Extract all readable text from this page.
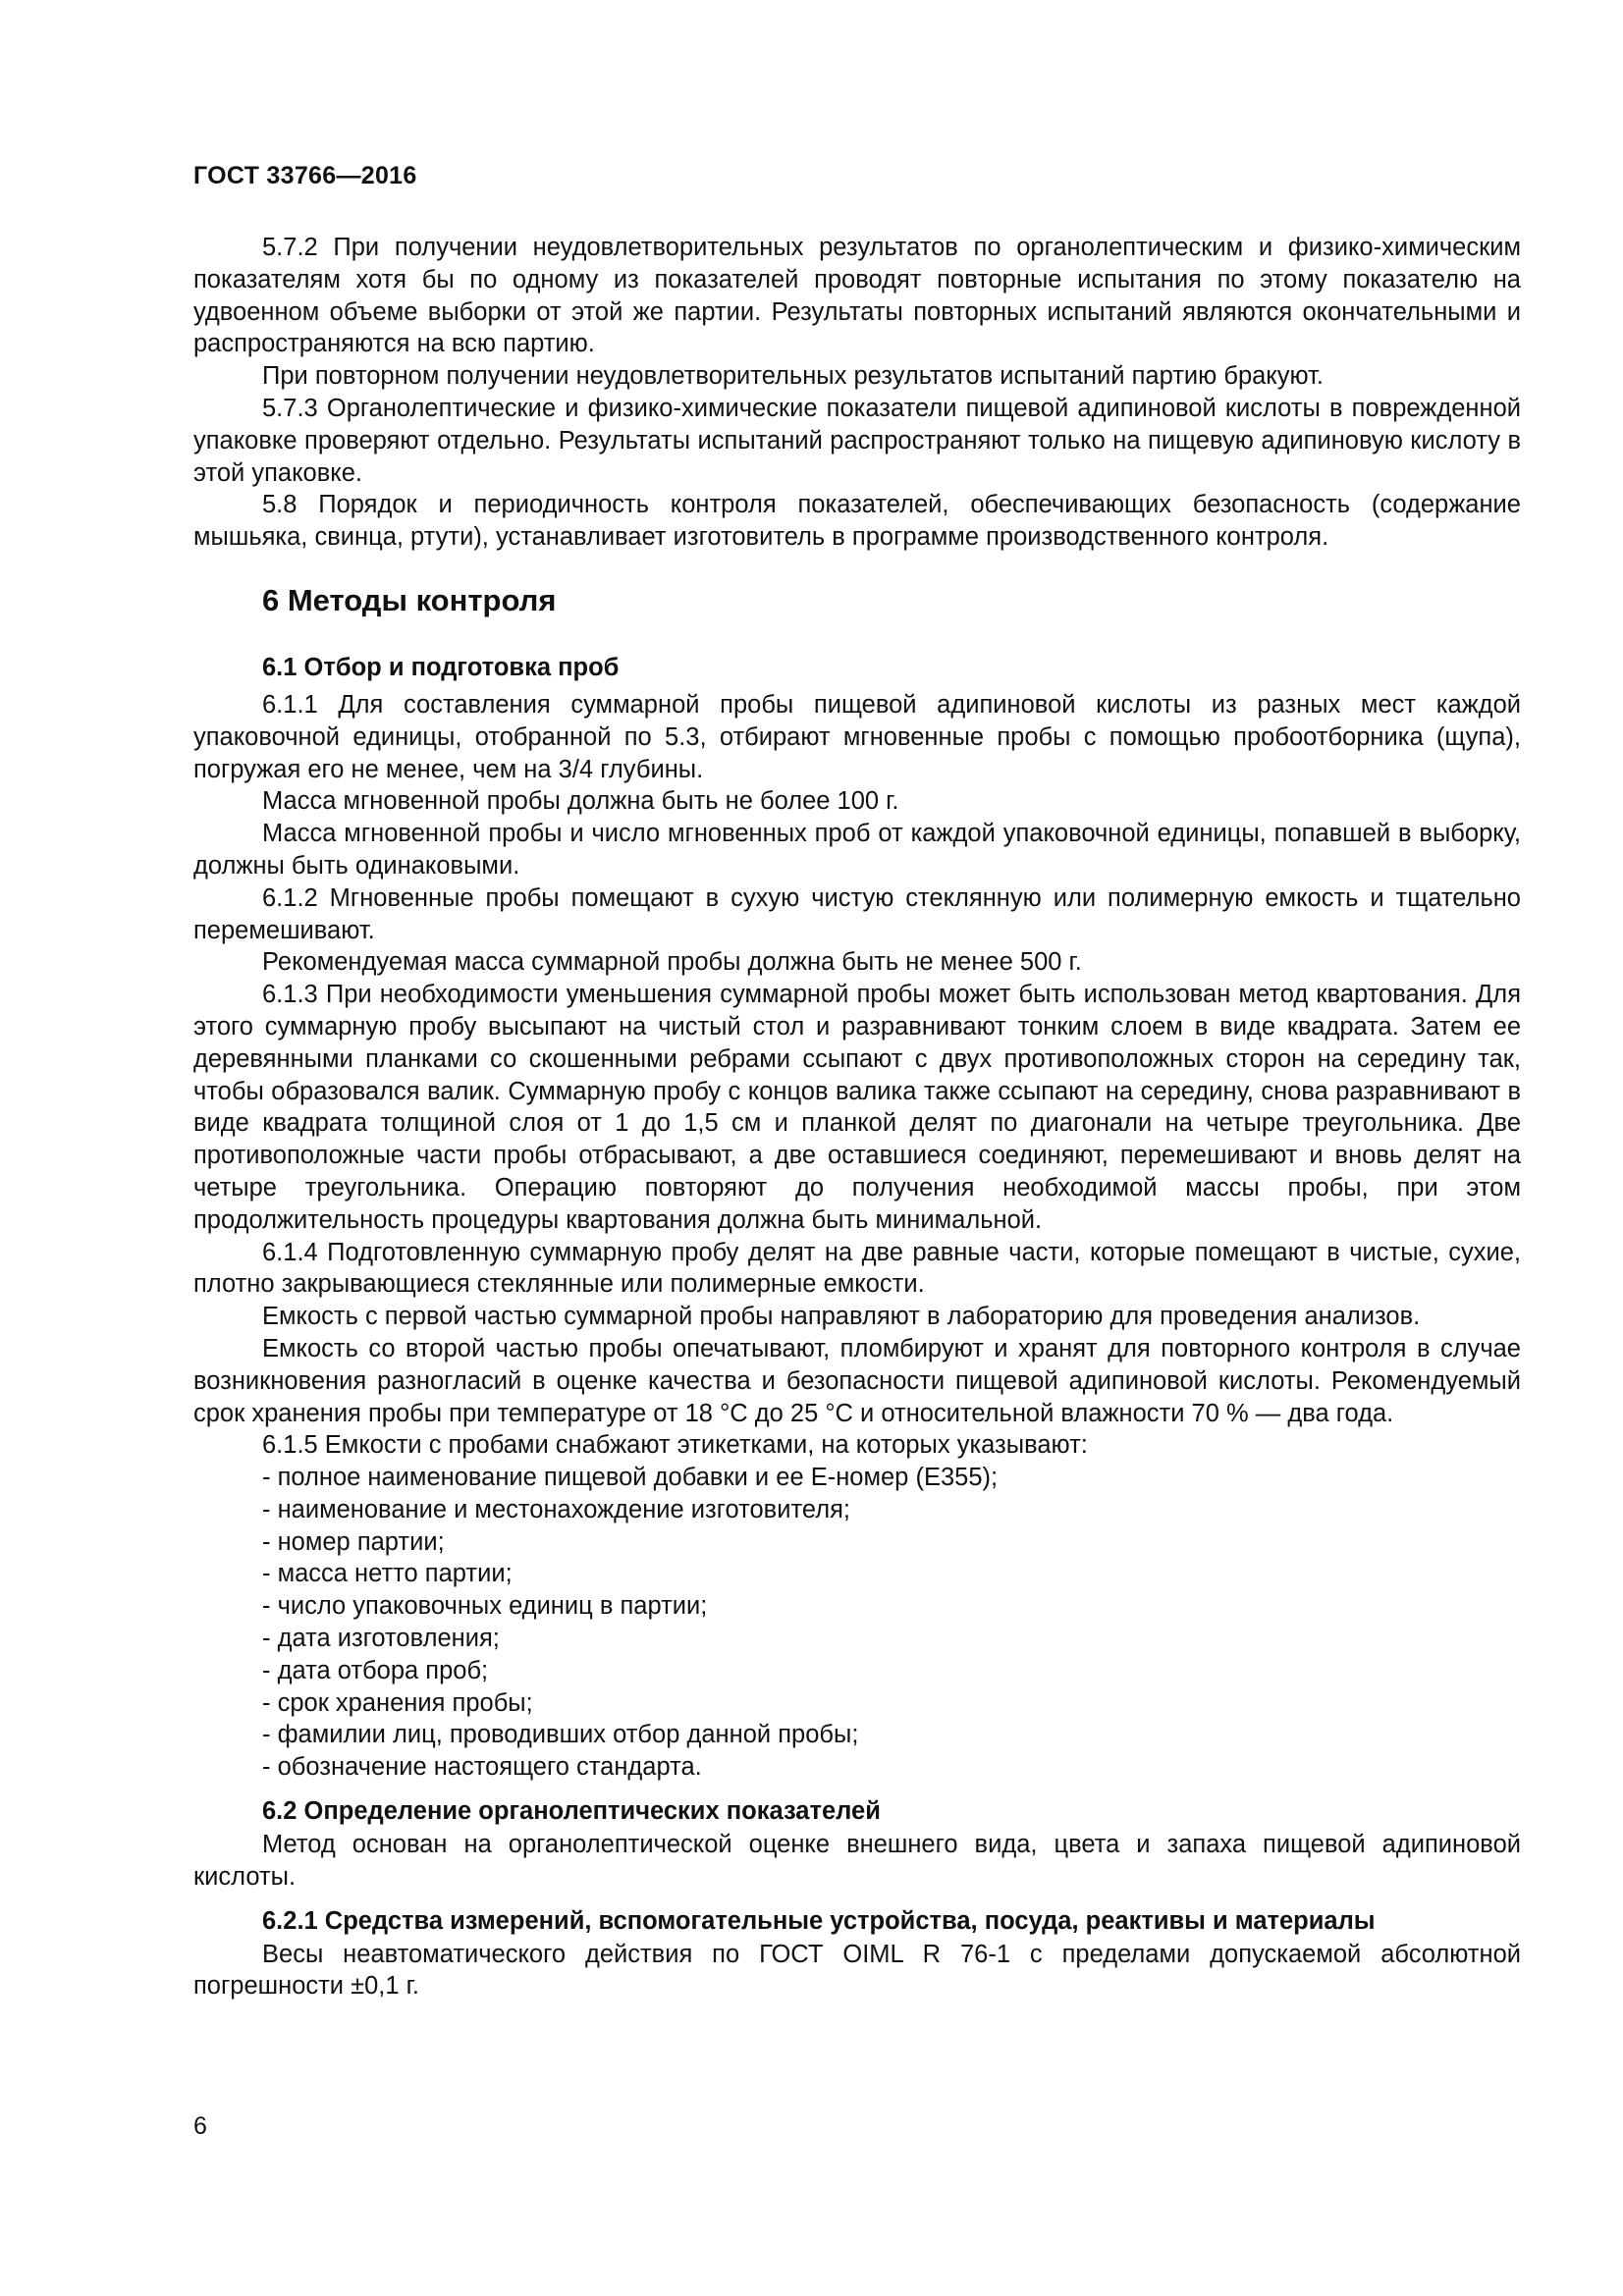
ГОСТ 33766—2016

5.7.2 При получении неудовлетворительных результатов по органолептическим и физико-химическим показателям хотя бы по одному из показателей проводят повторные испытания по этому показателю на удвоенном объеме выборки от этой же партии. Результаты повторных испытаний являются окончательными и распространяются на всю партию.

При повторном получении неудовлетворительных результатов испытаний партию бракуют.

5.7.3 Органолептические и физико-химические показатели пищевой адипиновой кислоты в поврежденной упаковке проверяют отдельно. Результаты испытаний распространяют только на пищевую адипиновую кислоту в этой упаковке.

5.8 Порядок и периодичность контроля показателей, обеспечивающих безопасность (содержание мышьяка, свинца, ртути), устанавливает изготовитель в программе производственного контроля.

6 Методы контроля
6.1 Отбор и подготовка проб

6.1.1 Для составления суммарной пробы пищевой адипиновой кислоты из разных мест каждой упаковочной единицы, отобранной по 5.3, отбирают мгновенные пробы с помощью пробоотборника (щупа), погружая его не менее, чем на 3/4 глубины.

Масса мгновенной пробы должна быть не более 100 г.

Масса мгновенной пробы и число мгновенных проб от каждой упаковочной единицы, попавшей в выборку, должны быть одинаковыми.

6.1.2 Мгновенные пробы помещают в сухую чистую стеклянную или полимерную емкость и тщательно перемешивают.

Рекомендуемая масса суммарной пробы должна быть не менее 500 г.

6.1.3 При необходимости уменьшения суммарной пробы может быть использован метод квартования. Для этого суммарную пробу высыпают на чистый стол и разравнивают тонким слоем в виде квадрата. Затем ее деревянными планками со скошенными ребрами ссыпают с двух противоположных сторон на середину так, чтобы образовался валик. Суммарную пробу с концов валика также ссыпают на середину, снова разравнивают в виде квадрата толщиной слоя от 1 до 1,5 см и планкой делят по диагонали на четыре треугольника. Две противоположные части пробы отбрасывают, а две оставшиеся соединяют, перемешивают и вновь делят на четыре треугольника. Операцию повторяют до получения необходимой массы пробы, при этом продолжительность процедуры квартования должна быть минимальной.

6.1.4 Подготовленную суммарную пробу делят на две равные части, которые помещают в чистые, сухие, плотно закрывающиеся стеклянные или полимерные емкости.

Емкость с первой частью суммарной пробы направляют в лабораторию для проведения анализов.

Емкость со второй частью пробы опечатывают, пломбируют и хранят для повторного контроля в случае возникновения разногласий в оценке качества и безопасности пищевой адипиновой кислоты. Рекомендуемый срок хранения пробы при температуре от 18 °С до 25 °С и относительной влажности 70 % — два года.

6.1.5 Емкости с пробами снабжают этикетками, на которых указывают:

- полное наименование пищевой добавки и ее Е-номер (Е355);

- наименование и местонахождение изготовителя;

- номер партии;

- масса нетто партии;

- число упаковочных единиц в партии;

- дата изготовления;

- дата отбора проб;

- срок хранения пробы;

- фамилии лиц, проводивших отбор данной пробы;

- обозначение настоящего стандарта.

6.2 Определение органолептических показателей

Метод основан на органолептической оценке внешнего вида, цвета и запаха пищевой адипиновой кислоты.

6.2.1 Средства измерений, вспомогательные устройства, посуда, реактивы и материалы

Весы неавтоматического действия по ГОСТ OIML R 76-1 с пределами допускаемой абсолютной погрешности ±0,1 г.

6
